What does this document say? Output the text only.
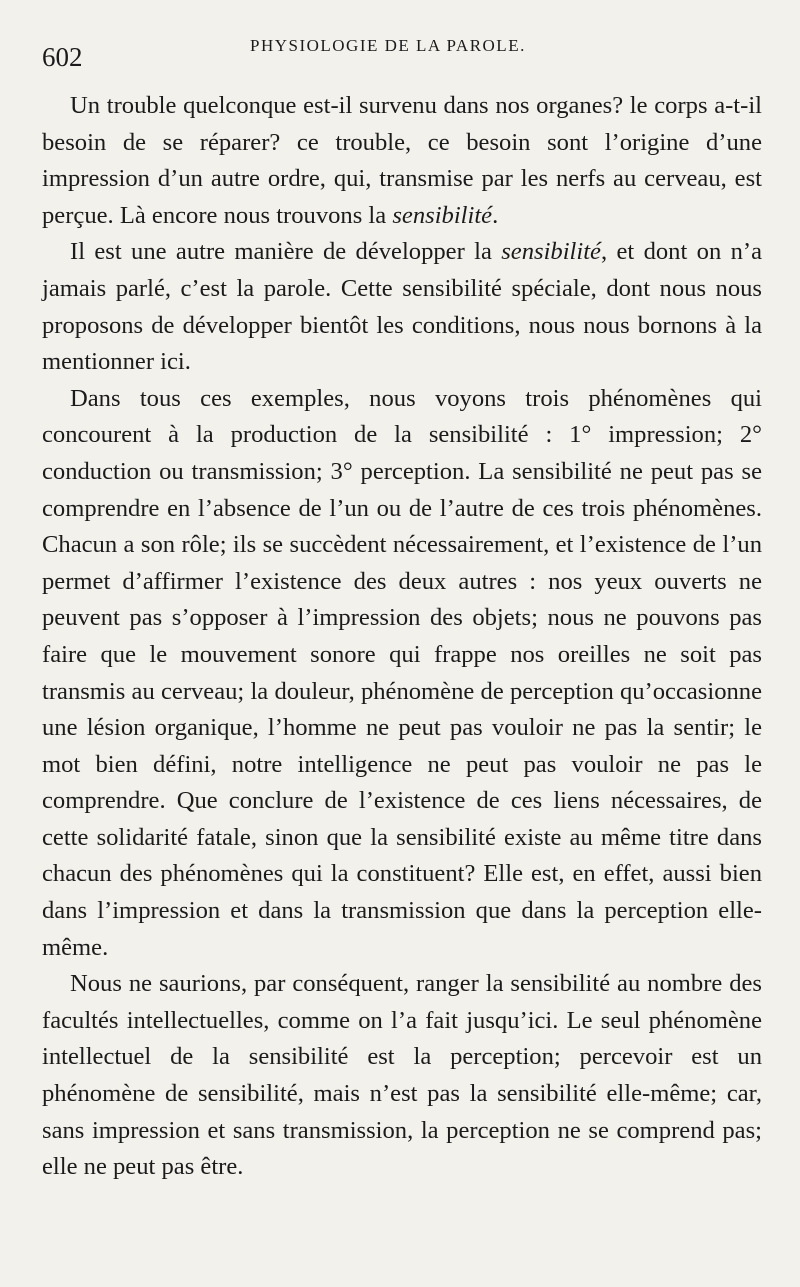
602	PHYSIOLOGIE DE LA PAROLE.

Un trouble quelconque est-il survenu dans nos organes? le corps a-t-il besoin de se réparer? ce trouble, ce besoin sont l’origine d’une impression d’un autre ordre, qui, transmise par les nerfs au cerveau, est perçue. Là encore nous trouvons la sensibilité.

Il est une autre manière de développer la sensibilité, et dont on n’a jamais parlé, c’est la parole. Cette sensibilité spéciale, dont nous nous proposons de développer bientôt les conditions, nous nous bornons à la mentionner ici.

Dans tous ces exemples, nous voyons trois phénomènes qui concourent à la production de la sensibilité : 1° impression; 2° conduction ou transmission; 3° perception. La sensibilité ne peut pas se comprendre en l’absence de l’un ou de l’autre de ces trois phénomènes. Chacun a son rôle; ils se succèdent nécessairement, et l’existence de l’un permet d’affirmer l’existence des deux autres : nos yeux ouverts ne peuvent pas s’opposer à l’impression des objets; nous ne pouvons pas faire que le mouvement sonore qui frappe nos oreilles ne soit pas transmis au cerveau; la douleur, phénomène de perception qu’occasionne une lésion organique, l’homme ne peut pas vouloir ne pas la sentir; le mot bien défini, notre intelligence ne peut pas vouloir ne pas le comprendre. Que conclure de l’existence de ces liens nécessaires, de cette solidarité fatale, sinon que la sensibilité existe au même titre dans chacun des phénomènes qui la constituent? Elle est, en effet, aussi bien dans l’impression et dans la transmission que dans la perception elle-même.

Nous ne saurions, par conséquent, ranger la sensibilité au nombre des facultés intellectuelles, comme on l’a fait jusqu’ici. Le seul phénomène intellectuel de la sensibilité est la perception; percevoir est un phénomène de sensibilité, mais n’est pas la sensibilité elle-même; car, sans impression et sans transmission, la perception ne se comprend pas; elle ne peut pas être.
